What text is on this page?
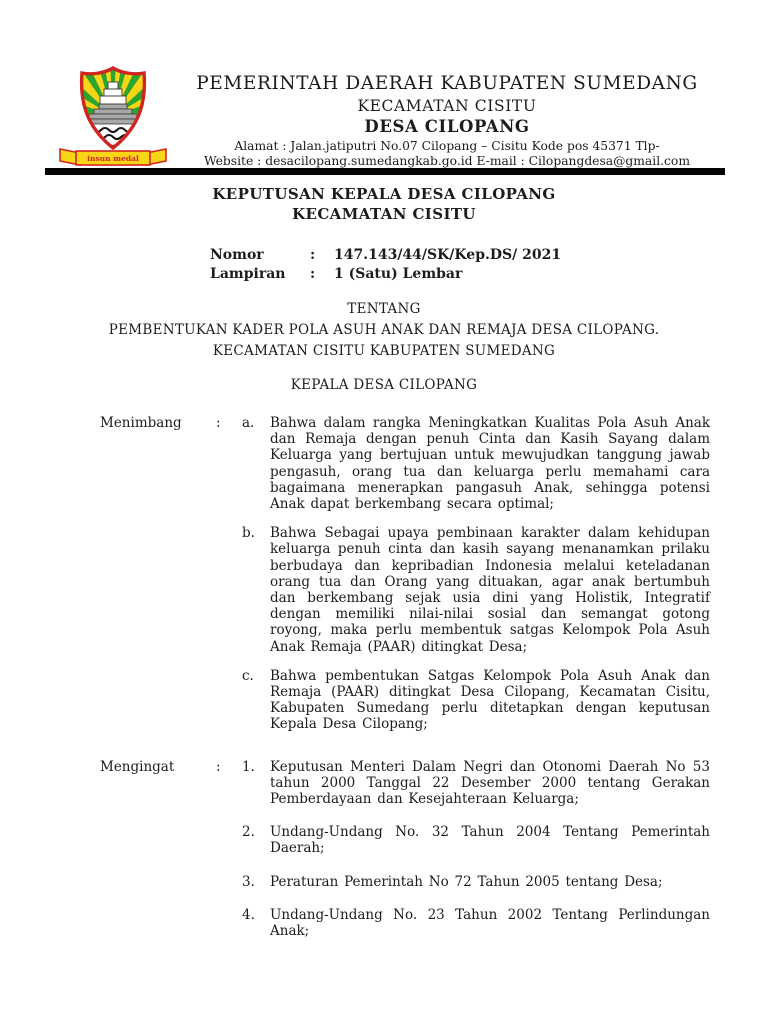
insun medal
PEMERINTAH DAERAH KABUPATEN SUMEDANG
KECAMATAN CISITU
DESA CILOPANG
Alamat : Jalan.jatiputri No.07 Cilopang – Cisitu Kode pos 45371 Tlp-
Website : desacilopang.sumedangkab.go.id E-mail : Cilopangdesa@gmail.com
KEPUTUSAN KEPALA DESA CILOPANG
KECAMATAN CISITU
Nomor	:	147.143/44/SK/Kep.DS/ 2021
Lampiran	:	1 (Satu) Lembar
TENTANG
PEMBENTUKAN KADER POLA ASUH ANAK DAN REMAJA DESA CILOPANG.
KECAMATAN CISITU KABUPATEN SUMEDANG
KEPALA DESA CILOPANG
Menimbang	:	a.	Bahwa dalam rangka Meningkatkan Kualitas Pola Asuh Anak dan Remaja dengan penuh Cinta dan Kasih Sayang dalam Keluarga yang bertujuan untuk mewujudkan tanggung jawab pengasuh, orang tua dan keluarga perlu memahami cara bagaimana menerapkan pangasuh Anak, sehingga potensi Anak dapat berkembang secara optimal;

b.	Bahwa Sebagai upaya pembinaan karakter dalam kehidupan keluarga penuh cinta dan kasih sayang menanamkan prilaku berbudaya dan kepribadian Indonesia melalui keteladanan orang tua dan Orang yang dituakan, agar anak bertumbuh dan berkembang sejak usia dini yang Holistik, Integratif dengan memiliki nilai-nilai sosial dan semangat gotong royong, maka perlu membentuk satgas Kelompok Pola Asuh Anak Remaja (PAAR) ditingkat Desa;

c.	Bahwa pembentukan Satgas Kelompok Pola Asuh Anak dan Remaja (PAAR) ditingkat Desa Cilopang, Kecamatan Cisitu, Kabupaten Sumedang perlu ditetapkan dengan keputusan Kepala Desa Cilopang;

Mengingat	:	1.	Keputusan Menteri Dalam Negri dan Otonomi Daerah No 53 tahun 2000 Tanggal 22 Desember 2000 tentang Gerakan Pemberdayaan dan Kesejahteraan Keluarga;

2.	Undang-Undang No. 32 Tahun 2004 Tentang Pemerintah Daerah;

3.	Peraturan Pemerintah No 72 Tahun 2005 tentang Desa;

4.	Undang-Undang No. 23 Tahun 2002 Tentang Perlindungan Anak;
